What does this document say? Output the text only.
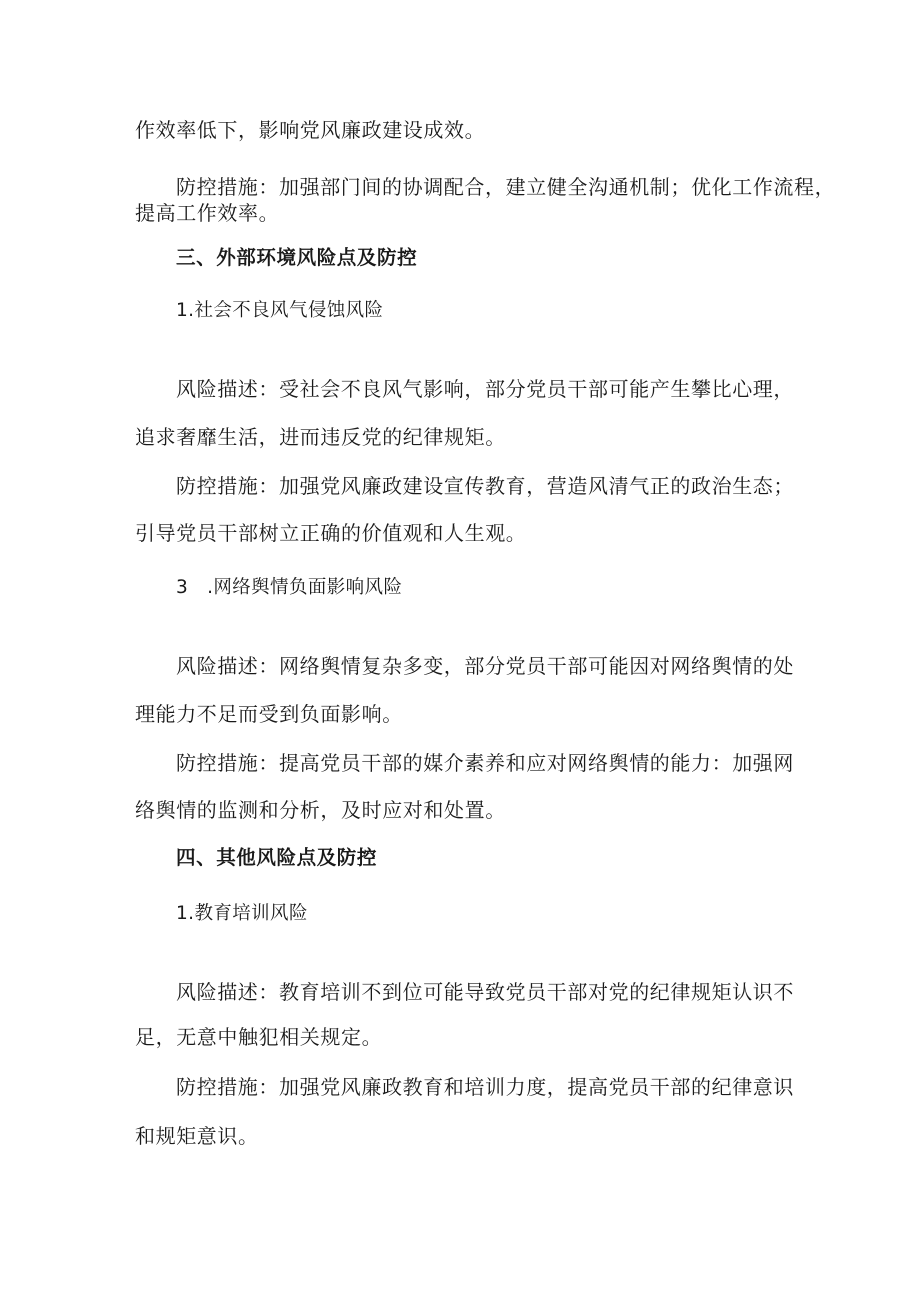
作效率低下，影响党风廉政建设成效。
防控措施：加强部门间的协调配合，建立健全沟通机制；优化工作流程，
提高工作效率。
三、外部环境风险点及防控
1.社会不良风气侵蚀风险
风险描述：受社会不良风气影响，部分党员干部可能产生攀比心理，
追求奢靡生活，进而违反党的纪律规矩。
防控措施：加强党风廉政建设宣传教育，营造风清气正的政治生态；
引导党员干部树立正确的价值观和人生观。
3　.网络舆情负面影响风险
风险描述：网络舆情复杂多变，部分党员干部可能因对网络舆情的处
理能力不足而受到负面影响。
防控措施：提高党员干部的媒介素养和应对网络舆情的能力：加强网
络舆情的监测和分析，及时应对和处置。
四、其他风险点及防控
1.教育培训风险
风险描述：教育培训不到位可能导致党员干部对党的纪律规矩认识不
足，无意中触犯相关规定。
防控措施：加强党风廉政教育和培训力度，提高党员干部的纪律意识
和规矩意识。
